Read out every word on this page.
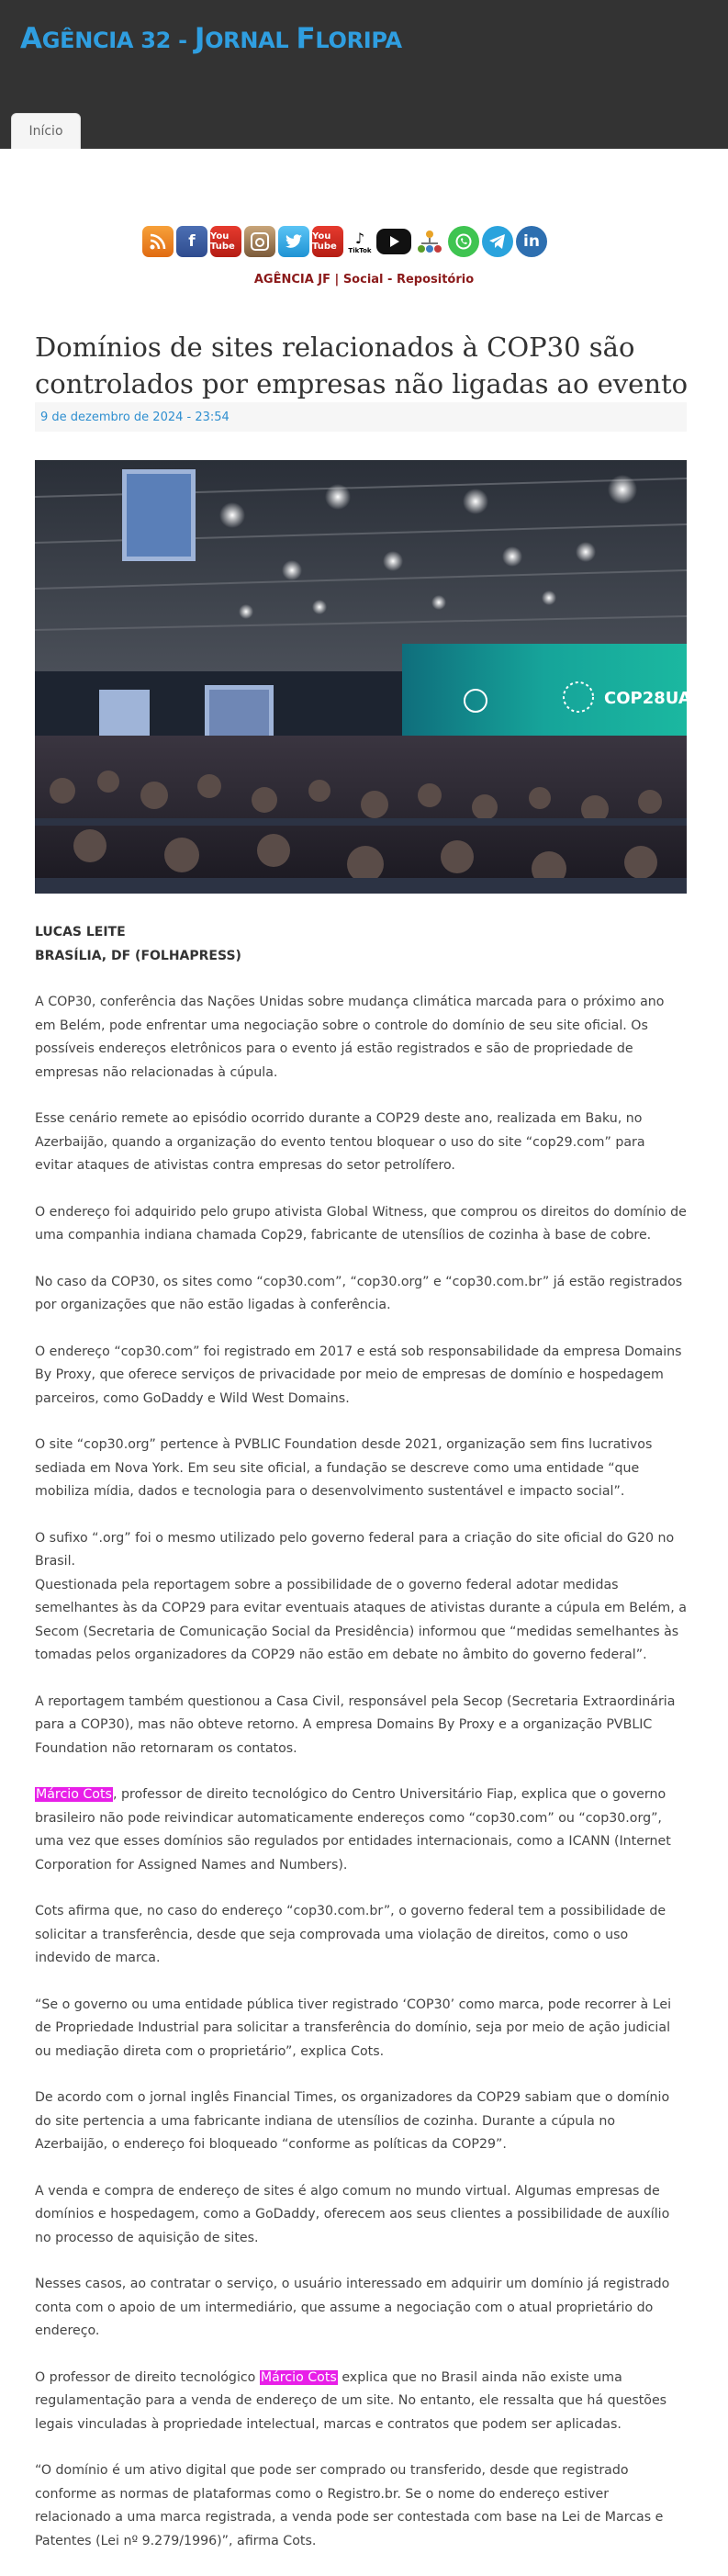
AGÊNCIA 32 - JORNAL FLORIPA
Início
f	You Tube
You Tube	♪
TikTok	in
AGÊNCIA JF | Social - Repositório
Domínios de sites relacionados à COP30 são controlados por empresas não ligadas ao evento
9 de dezembro de 2024 - 23:54
COP28UAE
LUCAS LEITE
BRASÍLIA, DF (FOLHAPRESS)

A COP30, conferência das Nações Unidas sobre mudança climática marcada para o próximo ano em Belém, pode enfrentar uma negociação sobre o controle do domínio de seu site oficial. Os possíveis endereços eletrônicos para o evento já estão registrados e são de propriedade de empresas não relacionadas à cúpula.

Esse cenário remete ao episódio ocorrido durante a COP29 deste ano, realizada em Baku, no Azerbaijão, quando a organização do evento tentou bloquear o uso do site “cop29.com” para evitar ataques de ativistas contra empresas do setor petrolífero.

O endereço foi adquirido pelo grupo ativista Global Witness, que comprou os direitos do domínio de uma companhia indiana chamada Cop29, fabricante de utensílios de cozinha à base de cobre.

No caso da COP30, os sites como “cop30.com”, “cop30.org” e “cop30.com.br” já estão registrados por organizações que não estão ligadas à conferência.

O endereço “cop30.com” foi registrado em 2017 e está sob responsabilidade da empresa Domains By Proxy, que oferece serviços de privacidade por meio de empresas de domínio e hospedagem parceiros, como GoDaddy e Wild West Domains.

O site “cop30.org” pertence à PVBLIC Foundation desde 2021, organização sem fins lucrativos sediada em Nova York. Em seu site oficial, a fundação se descreve como uma entidade “que mobiliza mídia, dados e tecnologia para o desenvolvimento sustentável e impacto social”.

O sufixo “.org” foi o mesmo utilizado pelo governo federal para a criação do site oficial do G20 no Brasil.
Questionada pela reportagem sobre a possibilidade de o governo federal adotar medidas semelhantes às da COP29 para evitar eventuais ataques de ativistas durante a cúpula em Belém, a Secom (Secretaria de Comunicação Social da Presidência) informou que “medidas semelhantes às tomadas pelos organizadores da COP29 não estão em debate no âmbito do governo federal”.

A reportagem também questionou a Casa Civil, responsável pela Secop (Secretaria Extraordinária para a COP30), mas não obteve retorno. A empresa Domains By Proxy e a organização PVBLIC Foundation não retornaram os contatos.

Márcio Cots, professor de direito tecnológico do Centro Universitário Fiap, explica que o governo brasileiro não pode reivindicar automaticamente endereços como “cop30.com” ou “cop30.org”, uma vez que esses domínios são regulados por entidades internacionais, como a ICANN (Internet Corporation for Assigned Names and Numbers).

Cots afirma que, no caso do endereço “cop30.com.br”, o governo federal tem a possibilidade de solicitar a transferência, desde que seja comprovada uma violação de direitos, como o uso indevido de marca.

“Se o governo ou uma entidade pública tiver registrado ‘COP30’ como marca, pode recorrer à Lei de Propriedade Industrial para solicitar a transferência do domínio, seja por meio de ação judicial ou mediação direta com o proprietário”, explica Cots.

De acordo com o jornal inglês Financial Times, os organizadores da COP29 sabiam que o domínio do site pertencia a uma fabricante indiana de utensílios de cozinha. Durante a cúpula no Azerbaijão, o endereço foi bloqueado “conforme as políticas da COP29”.

A venda e compra de endereço de sites é algo comum no mundo virtual. Algumas empresas de domínios e hospedagem, como a GoDaddy, oferecem aos seus clientes a possibilidade de auxílio no processo de aquisição de sites.

Nesses casos, ao contratar o serviço, o usuário interessado em adquirir um domínio já registrado conta com o apoio de um intermediário, que assume a negociação com o atual proprietário do endereço.

O professor de direito tecnológico Márcio Cots explica que no Brasil ainda não existe uma regulamentação para a venda de endereço de um site. No entanto, ele ressalta que há questões legais vinculadas à propriedade intelectual, marcas e contratos que podem ser aplicadas.

“O domínio é um ativo digital que pode ser comprado ou transferido, desde que registrado conforme as normas de plataformas como o Registro.br. Se o nome do endereço estiver relacionado a uma marca registrada, a venda pode ser contestada com base na Lei de Marcas e Patentes (Lei nº 9.279/1996)”, afirma Cots.
